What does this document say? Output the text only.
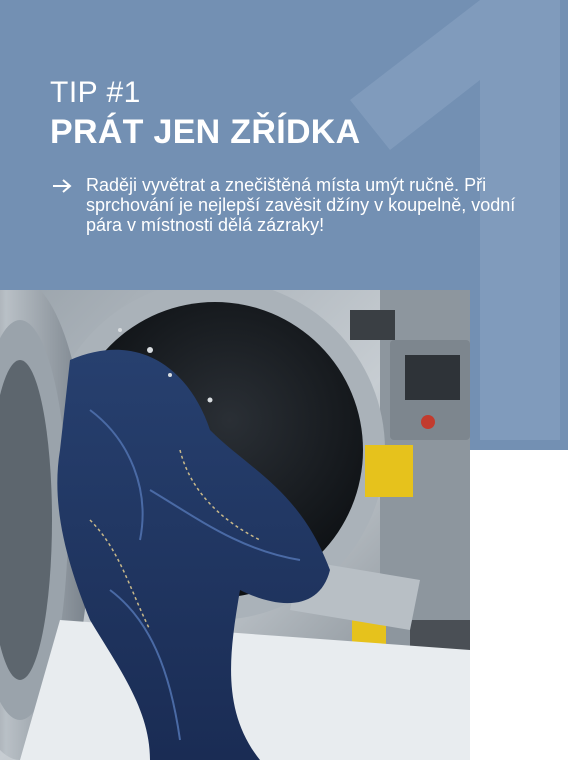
TIP #1
PRÁT JEN ZŘÍDKA
Raději vyvětrat a znečištěná místa umýt ručně. Při sprchování je nejlepší zavěsit džíny v koupelně, vodní pára v místnosti dělá zázraky!
